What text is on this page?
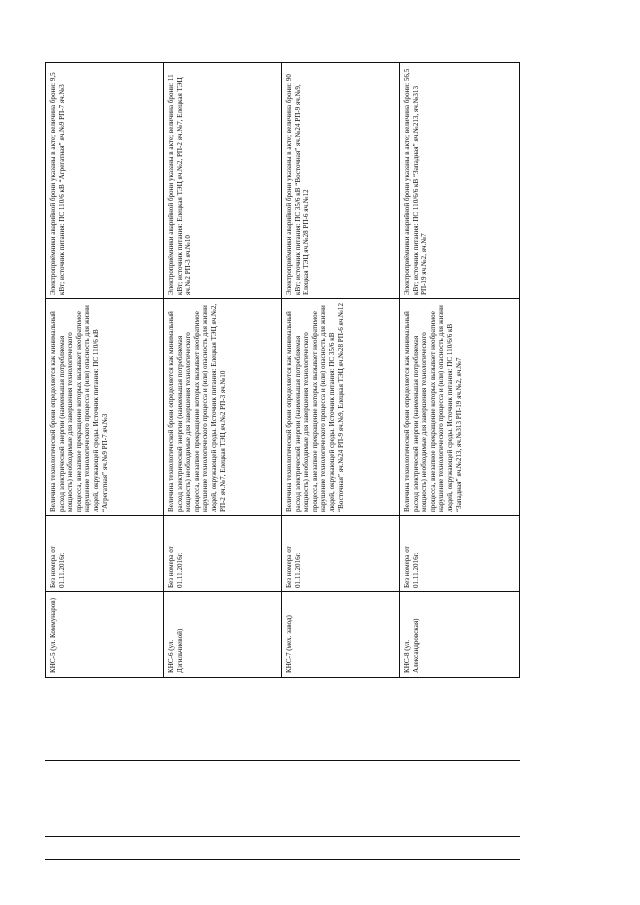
Электроприёмники аварийной брони указаны в акте; величина брони: 9,5 кВт; источник питания: ПС 110/6 кВ “Агрегатная” яч.№9 РП-7 яч.№3
Величина технологической брони определяется как минимальный расход электрической энергии (наименьшая потребляемая мощность) необходимые для завершения технологического процесса, внезапное прекращение которых вызывает необратимое нарушение технологического процесса и (или) опасность для жизни людей, окружающей среды. Источник питания: ПС 110/6 кВ “Агрегатная” яч.№9 РП-7 яч.№3
Без номера от 01.11.2016г.
КНС-5 (ул. Коммунаров)
Электроприёмники аварийной брони указаны в акте; величина брони: 11 кВт; источник питания: Елецкая ТЭЦ яч.№2, РП-2 яч.№7, Елецкая ТЭЦ яч.№2 РП-3 яч.№10
Величина технологической брони определяется как минимальный расход электрической энергии (наименьшая потребляемая мощность) необходимые для завершения технологического процесса, внезапное прекращение которых вызывает необратимое нарушение технологического процесса и (или) опасность для жизни людей, окружающей среды. Источник питания: Елецкая ТЭЦ яч.№2, РП-2 яч.№7, Елецкая ТЭЦ яч.№2 РП-3 яч.№10
Без номера от 01.11.2016г.
КНС-6 (ул. Дзгильчиевой)
Электроприёмники аварийной брони указаны в акте; величина брони: 90 кВт; источник питания: ПС 35/6 кВ “Восточная” яч.№24 РП-9 яч.№9, Елецкая ТЭЦ яч.№28 РП-6 яч.№12
Величина технологической брони определяется как минимальный расход электрической энергии (наименьшая потребляемая мощность) необходимые для завершения технологического процесса, внезапное прекращение которых вызывает необратимое нарушение технологического процесса и (или) опасность для жизни людей, окружающей среды. Источник питания: ПС 35/6 кВ “Восточная” яч.№24 РП-9 яч.№9, Елецкая ТЭЦ яч.№28 РП-6 яч.№12
Без номера от 01.11.2016г.
КНС-7 (мех. завод)
Электроприёмники аварийной брони указаны в акте; величина брони: 56,5 кВт; источник питания: ПС 110/6/6 кВ “Западная” яч.№213, яч.№313 РП-19 яч.№2, яч.№7
Величина технологической брони определяется как минимальный расход электрической энергии (наименьшая потребляемая мощность) необходимые для завершения технологического процесса, внезапное прекращение которых вызывает необратимое нарушение технологического процесса и (или) опасность для жизни людей, окружающей среды. Источник питания: ПС 110/6/6 кВ “Западная” яч.№213, яч.№313 РП-19 яч.№2, яч.№7
Без номера от 01.11.2016г.
КНС-8 (ул. Александровская)
